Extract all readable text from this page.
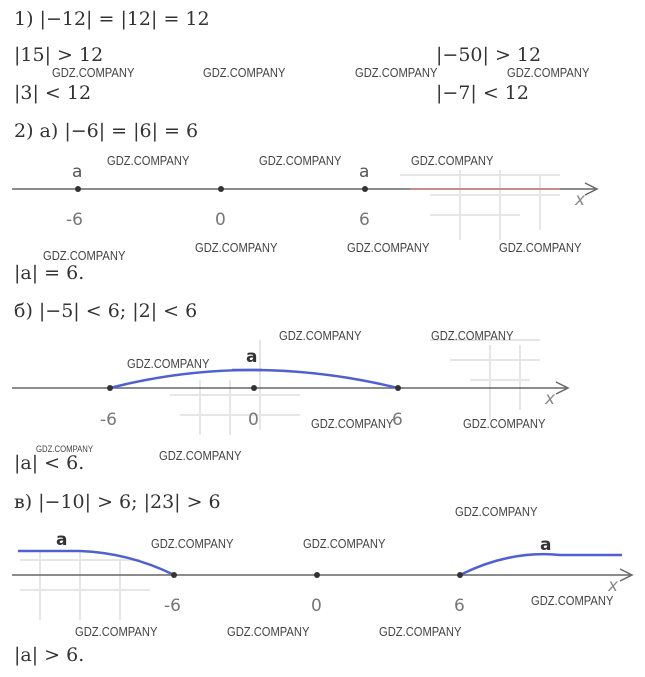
1) |−12| = |12| = 12
|15| > 12	|−50| > 12
|3| < 12	|−7| < 12
2) а) |−6| = |6| = 6
|a| = 6.
б) |−5| < 6; |2| < 6
|a| < 6.
в) |−10| > 6; |23| > 6
|a| > 6.
a	a
-6	0	6
x
a
-6	0	6
x
a	a
-6	0	6
x
GDZ.COMPANY	GDZ.COMPANY	GDZ.COMPANY	GDZ.COMPANY
GDZ.COMPANY	GDZ.COMPANY	GDZ.COMPANY
GDZ.COMPANY
GDZ.COMPANY	GDZ.COMPANY	GDZ.COMPANY
GDZ.COMPANY	GDZ.COMPANY
GDZ.COMPANY
GDZ.COMPANY	GDZ.COMPANY
GDZ.COMPANY	GDZ.COMPANY
GDZ.COMPANY
GDZ.COMPANY	GDZ.COMPANY
GDZ.COMPANY
GDZ.COMPANY	GDZ.COMPANY	GDZ.COMPANY
